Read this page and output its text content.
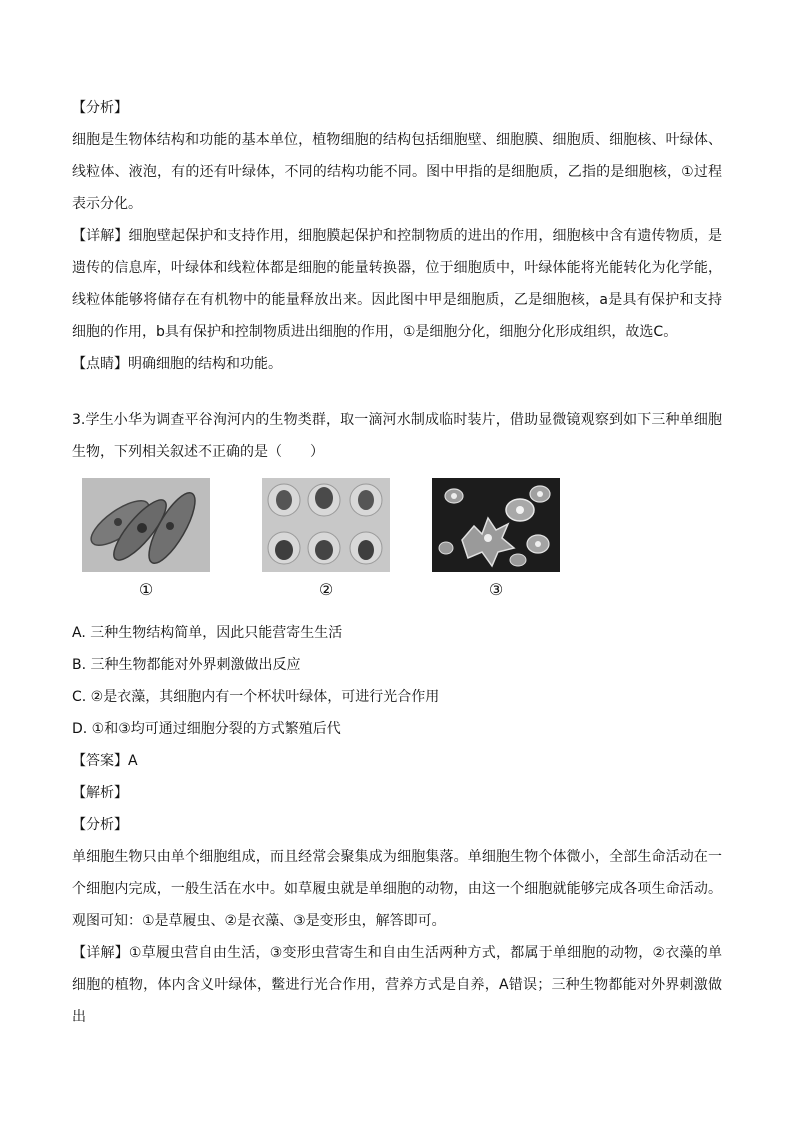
【分析】

细胞是生物体结构和功能的基本单位，植物细胞的结构包括细胞壁、细胞膜、细胞质、细胞核、叶绿体、线粒体、液泡，有的还有叶绿体，不同的结构功能不同。图中甲指的是细胞质，乙指的是细胞核，①过程表示分化。

【详解】细胞壁起保护和支持作用，细胞膜起保护和控制物质的进出的作用，细胞核中含有遗传物质，是遗传的信息库，叶绿体和线粒体都是细胞的能量转换器，位于细胞质中，叶绿体能将光能转化为化学能，线粒体能够将储存在有机物中的能量释放出来。因此图中甲是细胞质，乙是细胞核，a是具有保护和支持细胞的作用，b具有保护和控制物质进出细胞的作用，①是细胞分化，细胞分化形成组织，故选C。

【点睛】明确细胞的结构和功能。

3.学生小华为调查平谷洵河内的生物类群，取一滴河水制成临时装片，借助显微镜观察到如下三种单细胞生物，下列相关叙述不正确的是（　　）

①	②	③

A. 三种生物结构简单，因此只能营寄生生活

B. 三种生物都能对外界刺激做出反应

C. ②是衣藻，其细胞内有一个杯状叶绿体，可进行光合作用

D. ①和③均可通过细胞分裂的方式繁殖后代

【答案】A

【解析】

【分析】

单细胞生物只由单个细胞组成，而且经常会聚集成为细胞集落。单细胞生物个体微小，全部生命活动在一个细胞内完成，一般生活在水中。如草履虫就是单细胞的动物，由这一个细胞就能够完成各项生命活动。观图可知：①是草履虫、②是衣藻、③是变形虫，解答即可。

【详解】①草履虫营自由生活，③变形虫营寄生和自由生活两种方式，都属于单细胞的动物，②衣藻的单细胞的植物，体内含义叶绿体，鳖进行光合作用，营养方式是自养，A错误；三种生物都能对外界刺激做出
